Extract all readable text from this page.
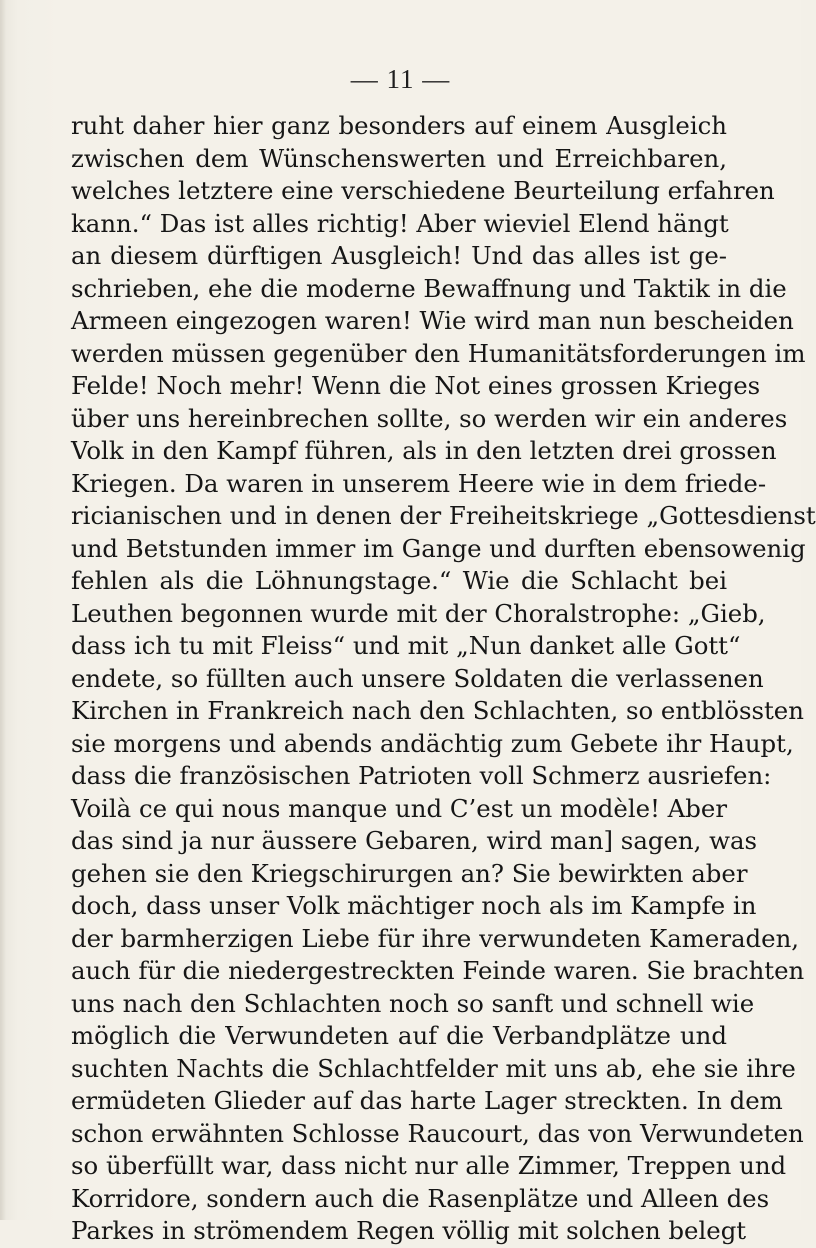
— 11 —
ruht daher hier ganz besonders auf einem Ausgleich
zwischen dem Wünschenswerten und Erreichbaren,
welches letztere eine verschiedene Beurteilung erfahren
kann.“ Das ist alles richtig! Aber wieviel Elend hängt
an diesem dürftigen Ausgleich! Und das alles ist ge-
schrieben, ehe die moderne Bewaffnung und Taktik in die
Armeen eingezogen waren! Wie wird man nun bescheiden
werden müssen gegenüber den Humanitätsforderungen im
Felde! Noch mehr! Wenn die Not eines grossen Krieges
über uns hereinbrechen sollte, so werden wir ein anderes
Volk in den Kampf führen, als in den letzten drei grossen
Kriegen. Da waren in unserem Heere wie in dem friede-
ricianischen und in denen der Freiheitskriege „Gottesdienst
und Betstunden immer im Gange und durften ebensowenig
fehlen als die Löhnungstage.“ Wie die Schlacht bei
Leuthen begonnen wurde mit der Choralstrophe: „Gieb,
dass ich tu mit Fleiss“ und mit „Nun danket alle Gott“
endete, so füllten auch unsere Soldaten die verlassenen
Kirchen in Frankreich nach den Schlachten, so entblössten
sie morgens und abends andächtig zum Gebete ihr Haupt,
dass die französischen Patrioten voll Schmerz ausriefen:
Voilà ce qui nous manque und C’est un modèle! Aber
das sind ja nur äussere Gebaren, wird man] sagen, was
gehen sie den Kriegschirurgen an? Sie bewirkten aber
doch, dass unser Volk mächtiger noch als im Kampfe in
der barmherzigen Liebe für ihre verwundeten Kameraden,
auch für die niedergestreckten Feinde waren. Sie brachten
uns nach den Schlachten noch so sanft und schnell wie
möglich die Verwundeten auf die Verbandplätze und
suchten Nachts die Schlachtfelder mit uns ab, ehe sie ihre
ermüdeten Glieder auf das harte Lager streckten. In dem
schon erwähnten Schlosse Raucourt, das von Verwundeten
so überfüllt war, dass nicht nur alle Zimmer, Treppen und
Korridore, sondern auch die Rasenplätze und Alleen des
Parkes in strömendem Regen völlig mit solchen belegt
